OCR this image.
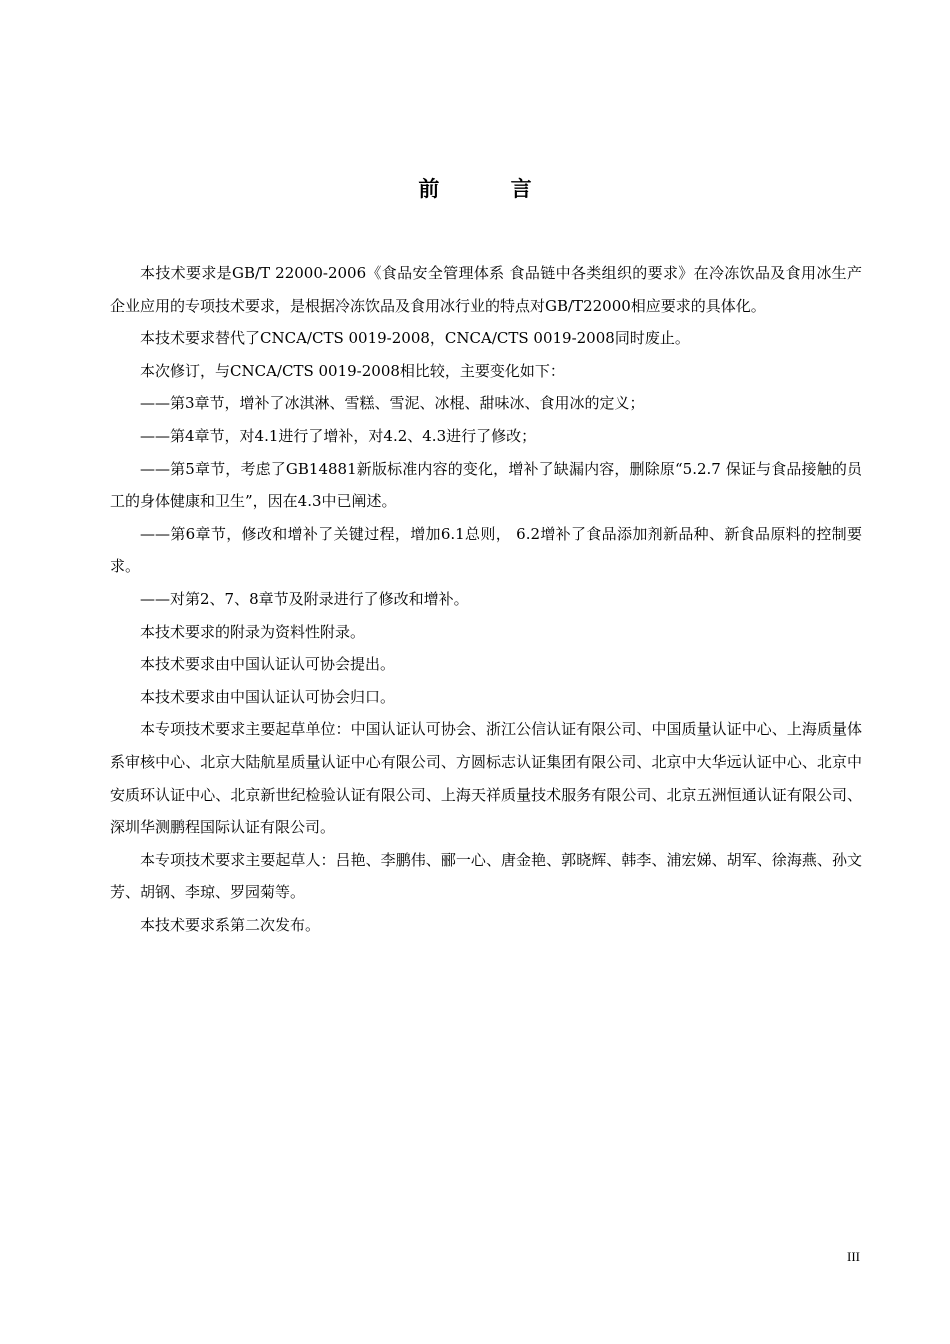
前 言

本技术要求是GB/T 22000-2006《食品安全管理体系 食品链中各类组织的要求》在冷冻饮品及食用冰生产企业应用的专项技术要求，是根据冷冻饮品及食用冰行业的特点对GB/T22000相应要求的具体化。

本技术要求替代了CNCA/CTS 0019-2008，CNCA/CTS 0019-2008同时废止。

本次修订，与CNCA/CTS 0019-2008相比较，主要变化如下：

——第3章节，增补了冰淇淋、雪糕、雪泥、冰棍、甜味冰、食用冰的定义；

——第4章节，对4.1进行了增补，对4.2、4.3进行了修改；

——第5章节，考虑了GB14881新版标准内容的变化，增补了缺漏内容，删除原“5.2.7 保证与食品接触的员工的身体健康和卫生”，因在4.3中已阐述。

——第6章节，修改和增补了关键过程，增加6.1总则， 6.2增补了食品添加剂新品种、新食品原料的控制要求。

——对第2、7、8章节及附录进行了修改和增补。

本技术要求的附录为资料性附录。

本技术要求由中国认证认可协会提出。

本技术要求由中国认证认可协会归口。

本专项技术要求主要起草单位：中国认证认可协会、浙江公信认证有限公司、中国质量认证中心、上海质量体系审核中心、北京大陆航星质量认证中心有限公司、方圆标志认证集团有限公司、北京中大华远认证中心、北京中安质环认证中心、北京新世纪检验认证有限公司、上海天祥质量技术服务有限公司、北京五洲恒通认证有限公司、深圳华测鹏程国际认证有限公司。

本专项技术要求主要起草人：吕艳、李鹏伟、郦一心、唐金艳、郭晓辉、韩李、浦宏娣、胡军、徐海燕、孙文芳、胡钢、李琼、罗园菊等。

本技术要求系第二次发布。

III
